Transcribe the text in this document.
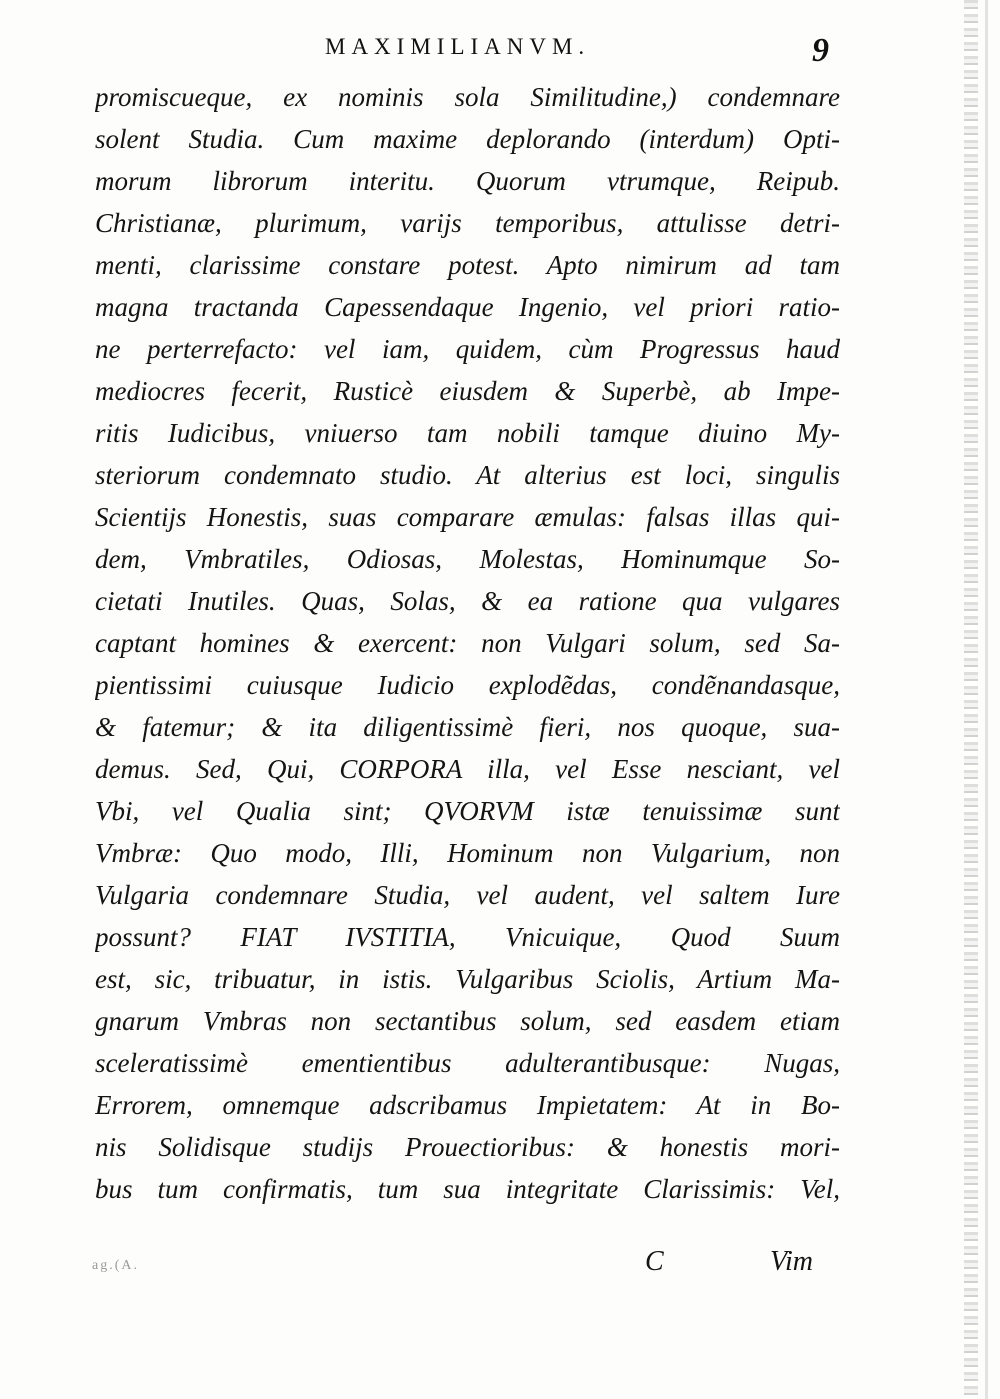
MAXIMILIANVM.	9
promiscueque, ex nominis sola Similitudine,) condemnare
solent Studia. Cum maxime deplorando (interdum) Opti-
morum librorum interitu. Quorum vtrumque, Reipub.
Christianæ, plurimum, varijs temporibus, attulisse detri-
menti, clarissime constare potest. Apto nimirum ad tam
magna tractanda Capessendaque Ingenio, vel priori ratio-
ne perterrefacto: vel iam, quidem, cùm Progressus haud
mediocres fecerit, Rusticè eiusdem & Superbè, ab Impe-
ritis Iudicibus, vniuerso tam nobili tamque diuino My-
steriorum condemnato studio. At alterius est loci, singulis
Scientijs Honestis, suas comparare æmulas: falsas illas qui-
dem, Vmbratiles, Odiosas, Molestas, Hominumque So-
cietati Inutiles. Quas, Solas, & ea ratione qua vulgares
captant homines & exercent: non Vulgari solum, sed Sa-
pientissimi cuiusque Iudicio explodẽdas, condẽnandasque,
& fatemur; & ita diligentissimè fieri, nos quoque, sua-
demus. Sed, Qui, CORPORA illa, vel Esse nesciant, vel
Vbi, vel Qualia sint; QVORVM istæ tenuissimæ sunt
Vmbræ: Quo modo, Illi, Hominum non Vulgarium, non
Vulgaria condemnare Studia, vel audent, vel saltem Iure
possunt? FIAT IVSTITIA, Vnicuique, Quod Suum
est, sic, tribuatur, in istis. Vulgaribus Sciolis, Artium Ma-
gnarum Vmbras non sectantibus solum, sed easdem etiam
sceleratissimè ementientibus adulterantibusque: Nugas,
Errorem, omnemque adscribamus Impietatem: At in Bo-
nis Solidisque studijs Prouectioribus: & honestis mori-
bus tum confirmatis, tum sua integritate Clarissimis: Vel,
ag.(A.	C	Vim
